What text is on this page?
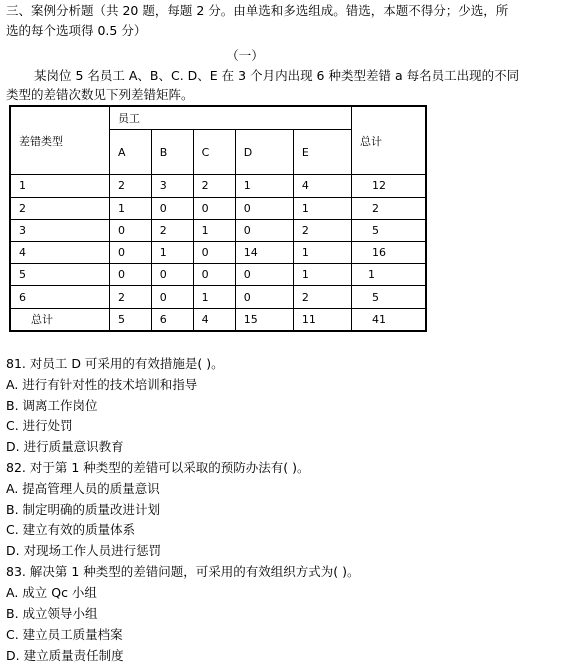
三、案例分析题（共 20 题，每题 2 分。由单选和多选组成。错选，本题不得分；少选，所
选的每个选项得 0.5 分）
（一）
某岗位 5 名员工 A、B、C. D、E 在 3 个月内出现 6 种类型差错 a 每名员工出现的不同
类型的差错次数见下列差错矩阵。
差错类型	员工					总计
	A	B	C	D	E	
1	2	3	2	1	4	12
2	1	0	0	0	1	2
3	0	2	1	0	2	5
4	0	1	0	14	1	16
5	0	0	0	0	1	1
6	2	0	1	0	2	5
总计	5	6	4	15	11	41
81. 对员工 D 可采用的有效措施是( )。
A. 进行有针对性的技术培训和指导
B. 调离工作岗位
C. 进行处罚
D. 进行质量意识教育
82. 对于第 1 种类型的差错可以采取的预防办法有( )。
A. 提高管理人员的质量意识
B. 制定明确的质量改进计划
C. 建立有效的质量体系
D. 对现场工作人员进行惩罚
83. 解决第 1 种类型的差错问题，可采用的有效组织方式为( )。
A. 成立 Qc 小组
B. 成立领导小组
C. 建立员工质量档案
D. 建立质量责任制度
